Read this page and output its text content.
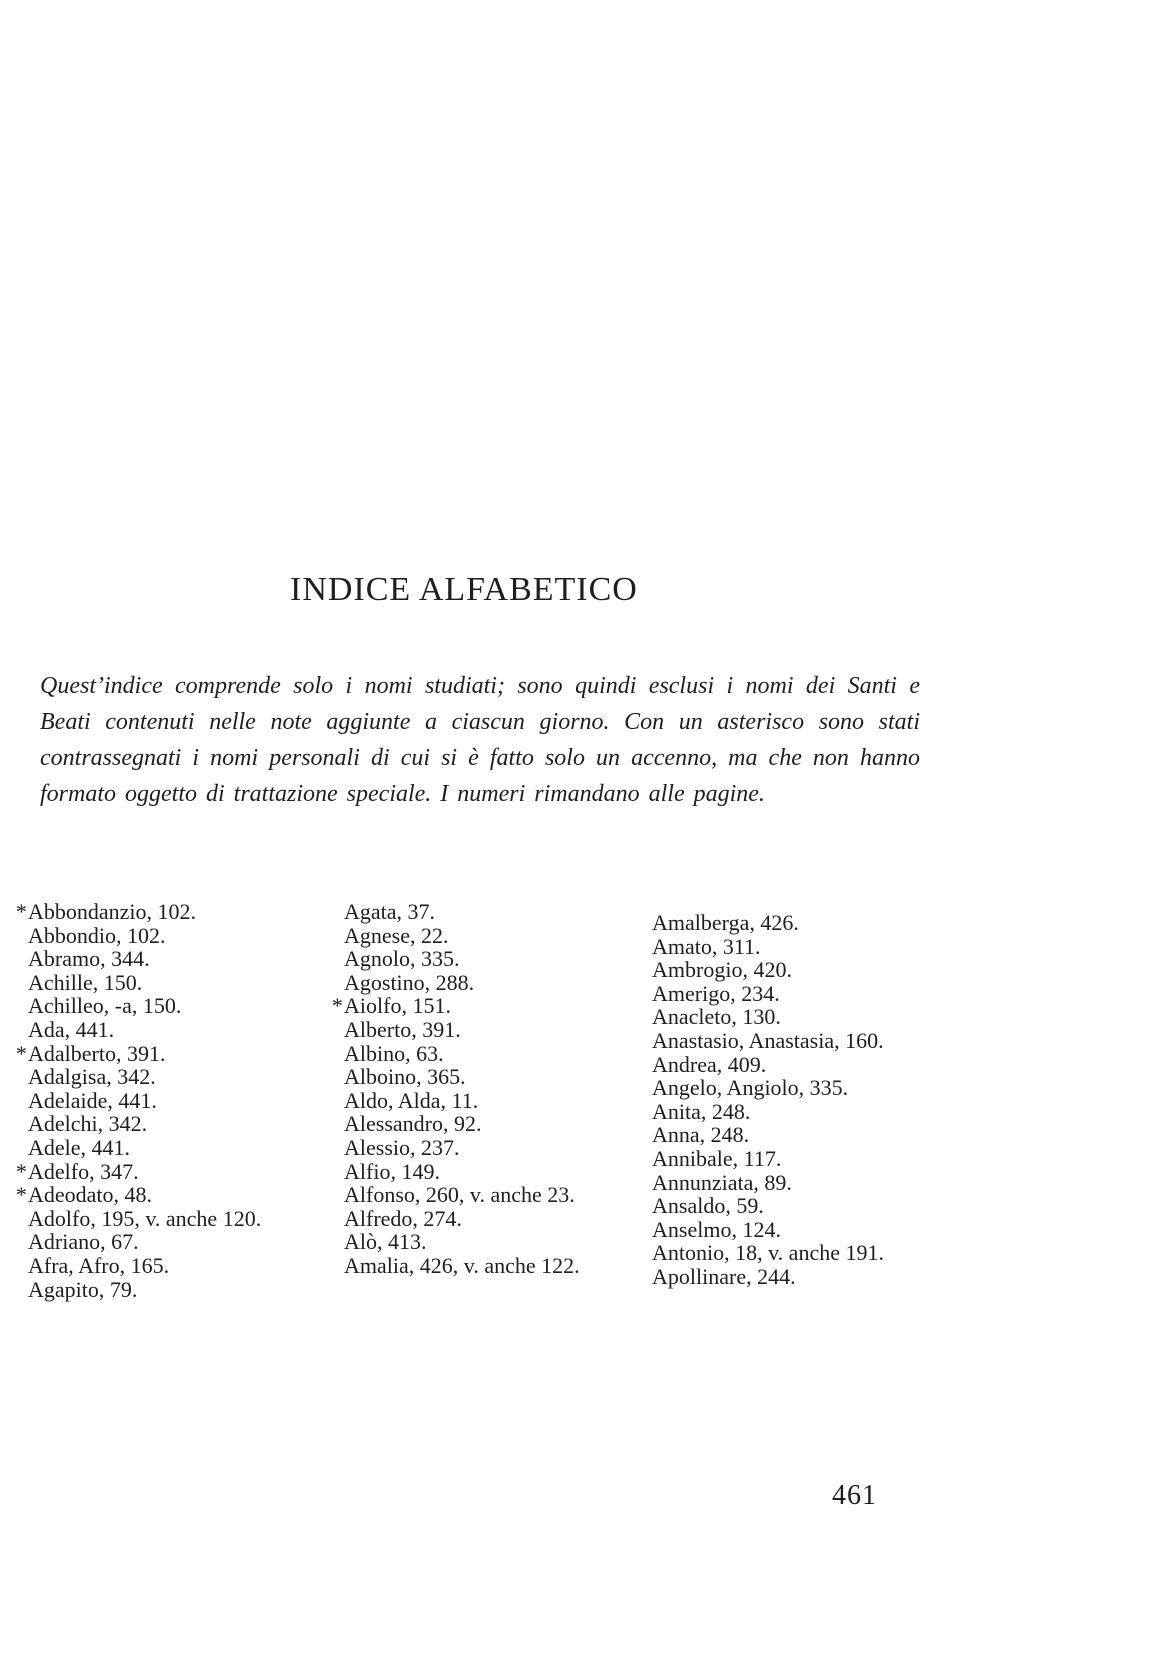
INDICE ALFABETICO
Quest’indice comprende solo i nomi studiati; sono quindi esclusi i nomi dei Santi e Beati contenuti nelle note aggiunte a ciascun giorno. Con un asterisco sono stati contrassegnati i nomi personali di cui si è fatto solo un accenno, ma che non hanno formato oggetto di trattazione speciale. I numeri rimandano alle pagine.
*Abbondanzio, 102.
Abbondio, 102.
Abramo, 344.
Achille, 150.
Achilleo, -a, 150.
Ada, 441.
*Adalberto, 391.
Adalgisa, 342.
Adelaide, 441.
Adelchi, 342.
Adele, 441.
*Adelfo, 347.
*Adeodato, 48.
Adolfo, 195, v. anche 120.
Adriano, 67.
Afra, Afro, 165.
Agapito, 79.
Agata, 37.
Agnese, 22.
Agnolo, 335.
Agostino, 288.
*Aiolfo, 151.
Alberto, 391.
Albino, 63.
Alboino, 365.
Aldo, Alda, 11.
Alessandro, 92.
Alessio, 237.
Alfio, 149.
Alfonso, 260, v. anche 23.
Alfredo, 274.
Alò, 413.
Amalia, 426, v. anche 122.
Amalberga, 426.
Amato, 311.
Ambrogio, 420.
Amerigo, 234.
Anacleto, 130.
Anastasio, Anastasia, 160.
Andrea, 409.
Angelo, Angiolo, 335.
Anita, 248.
Anna, 248.
Annibale, 117.
Annunziata, 89.
Ansaldo, 59.
Anselmo, 124.
Antonio, 18, v. anche 191.
Apollinare, 244.
461
